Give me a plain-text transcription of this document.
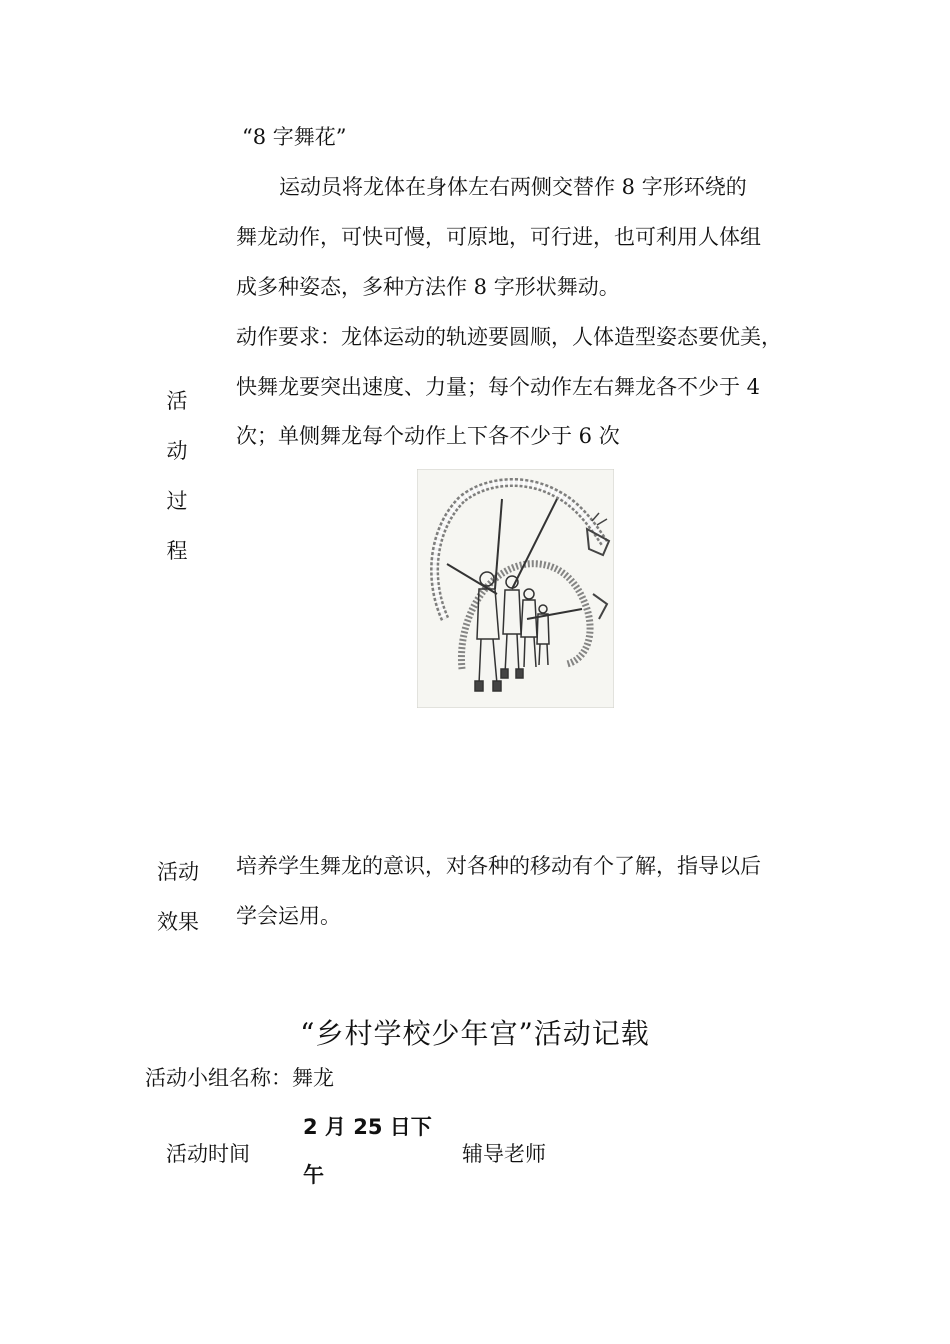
活
动
过
程
“8 字舞花”
运动员将龙体在身体左右两侧交替作 8 字形环绕的
舞龙动作，可快可慢，可原地，可行进，也可利用人体组
成多种姿态，多种方法作 8 字形状舞动。
动作要求：龙体运动的轨迹要圆顺，人体造型姿态要优美，
快舞龙要突出速度、力量；每个动作左右舞龙各不少于 4
次；单侧舞龙每个动作上下各不少于 6 次
活动
效果
培养学生舞龙的意识，对各种的移动有个了解，指导以后
学会运用。
“乡村学校少年宫”活动记载
活动小组名称：舞龙
活动时间
2 月 25 日下
午
辅导老师
